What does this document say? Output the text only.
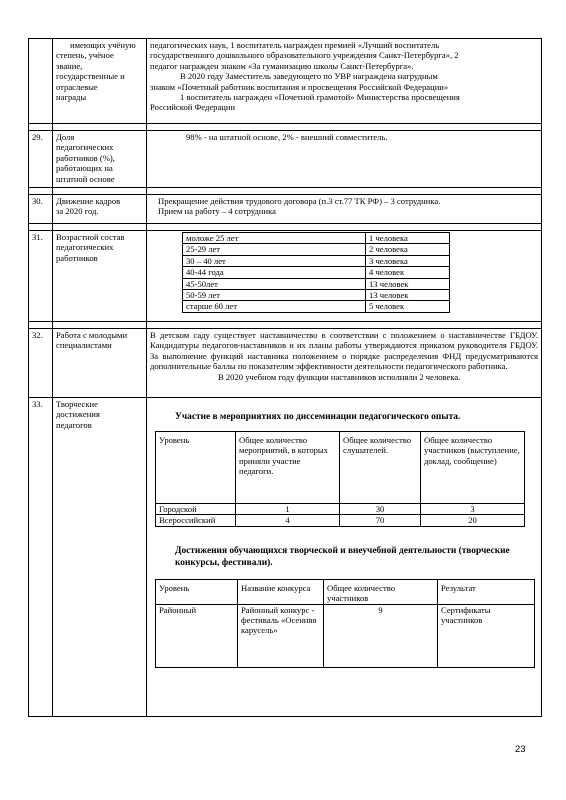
имеющих учёную
степень, учёное
звание,
государственные и
отраслевые
награды

педагогических наук, 1 воспитатель награжден премией «Лучший воспитатель
государственного дошкольного образовательного учреждения Санкт-Петербурга», 2
педагог награжден знаком «За гуманизацию школы Санкт-Петербурга».
В 2020 году Заместитель заведующего по УВР награждена нагрудным
знаком «Почетный работник воспитания и просвещения Российской Федерации»
1 воспитатель награжден «Почетной грамотой» Министерства просвещения
Российской Федерации

29.	Доля
педагогических
работников (%),
работающих на
штатной основе

98% - на штатной основе, 2% - внешний совместитель.

30.	Движение кадров
за 2020 год.

Прекращение действия трудового договора (п.3 ст.77 ТК РФ) – 3 сотрудника.
Прием на работу – 4 сотрудника

31.	Возрастной состав
педагогических
работников

моложе 25 лет	1 человека
25-29 лет	2 человека
30 – 40 лет	3 человека
40-44 года	4 человек
45-50лет	13 человек
50-59 лет	13 человек
старше 60 лет	5 человек

32.	Работа с молодыми
специалистами

В детском саду существует наставничество в соответствии с положением о наставничестве ГБДОУ. Кандидатуры педагогов-наставников и их планы работы утверждаются приказом руководителя ГБДОУ. За выполнение функций наставника положением о порядке распределения ФНД предусматриваются дополнительные баллы по показателям эффективности деятельности педагогического работника.
В 2020 учебном году функции наставников исполняли 2 человека.

33.	Творческие
достижения
педагогов

Участие в мероприятиях по диссеминации педагогического опыта.
Уровень	Общее количество мероприятий, в которых приняли участие педагоги.	Общее количество слушателей.	Общее количество участников (выступление, доклад, сообщение)
Городской	1	30	3
Всероссийский	4	70	20
Достижения обучающихся творческой и внеучебной деятельности (творческие конкурсы, фестивали).
Уровень	Название конкурса	Общее количество участников	Результат
Районный	Районный конкурс - фестиваль «Осенняя карусель»	9	Сертификаты участников
23
